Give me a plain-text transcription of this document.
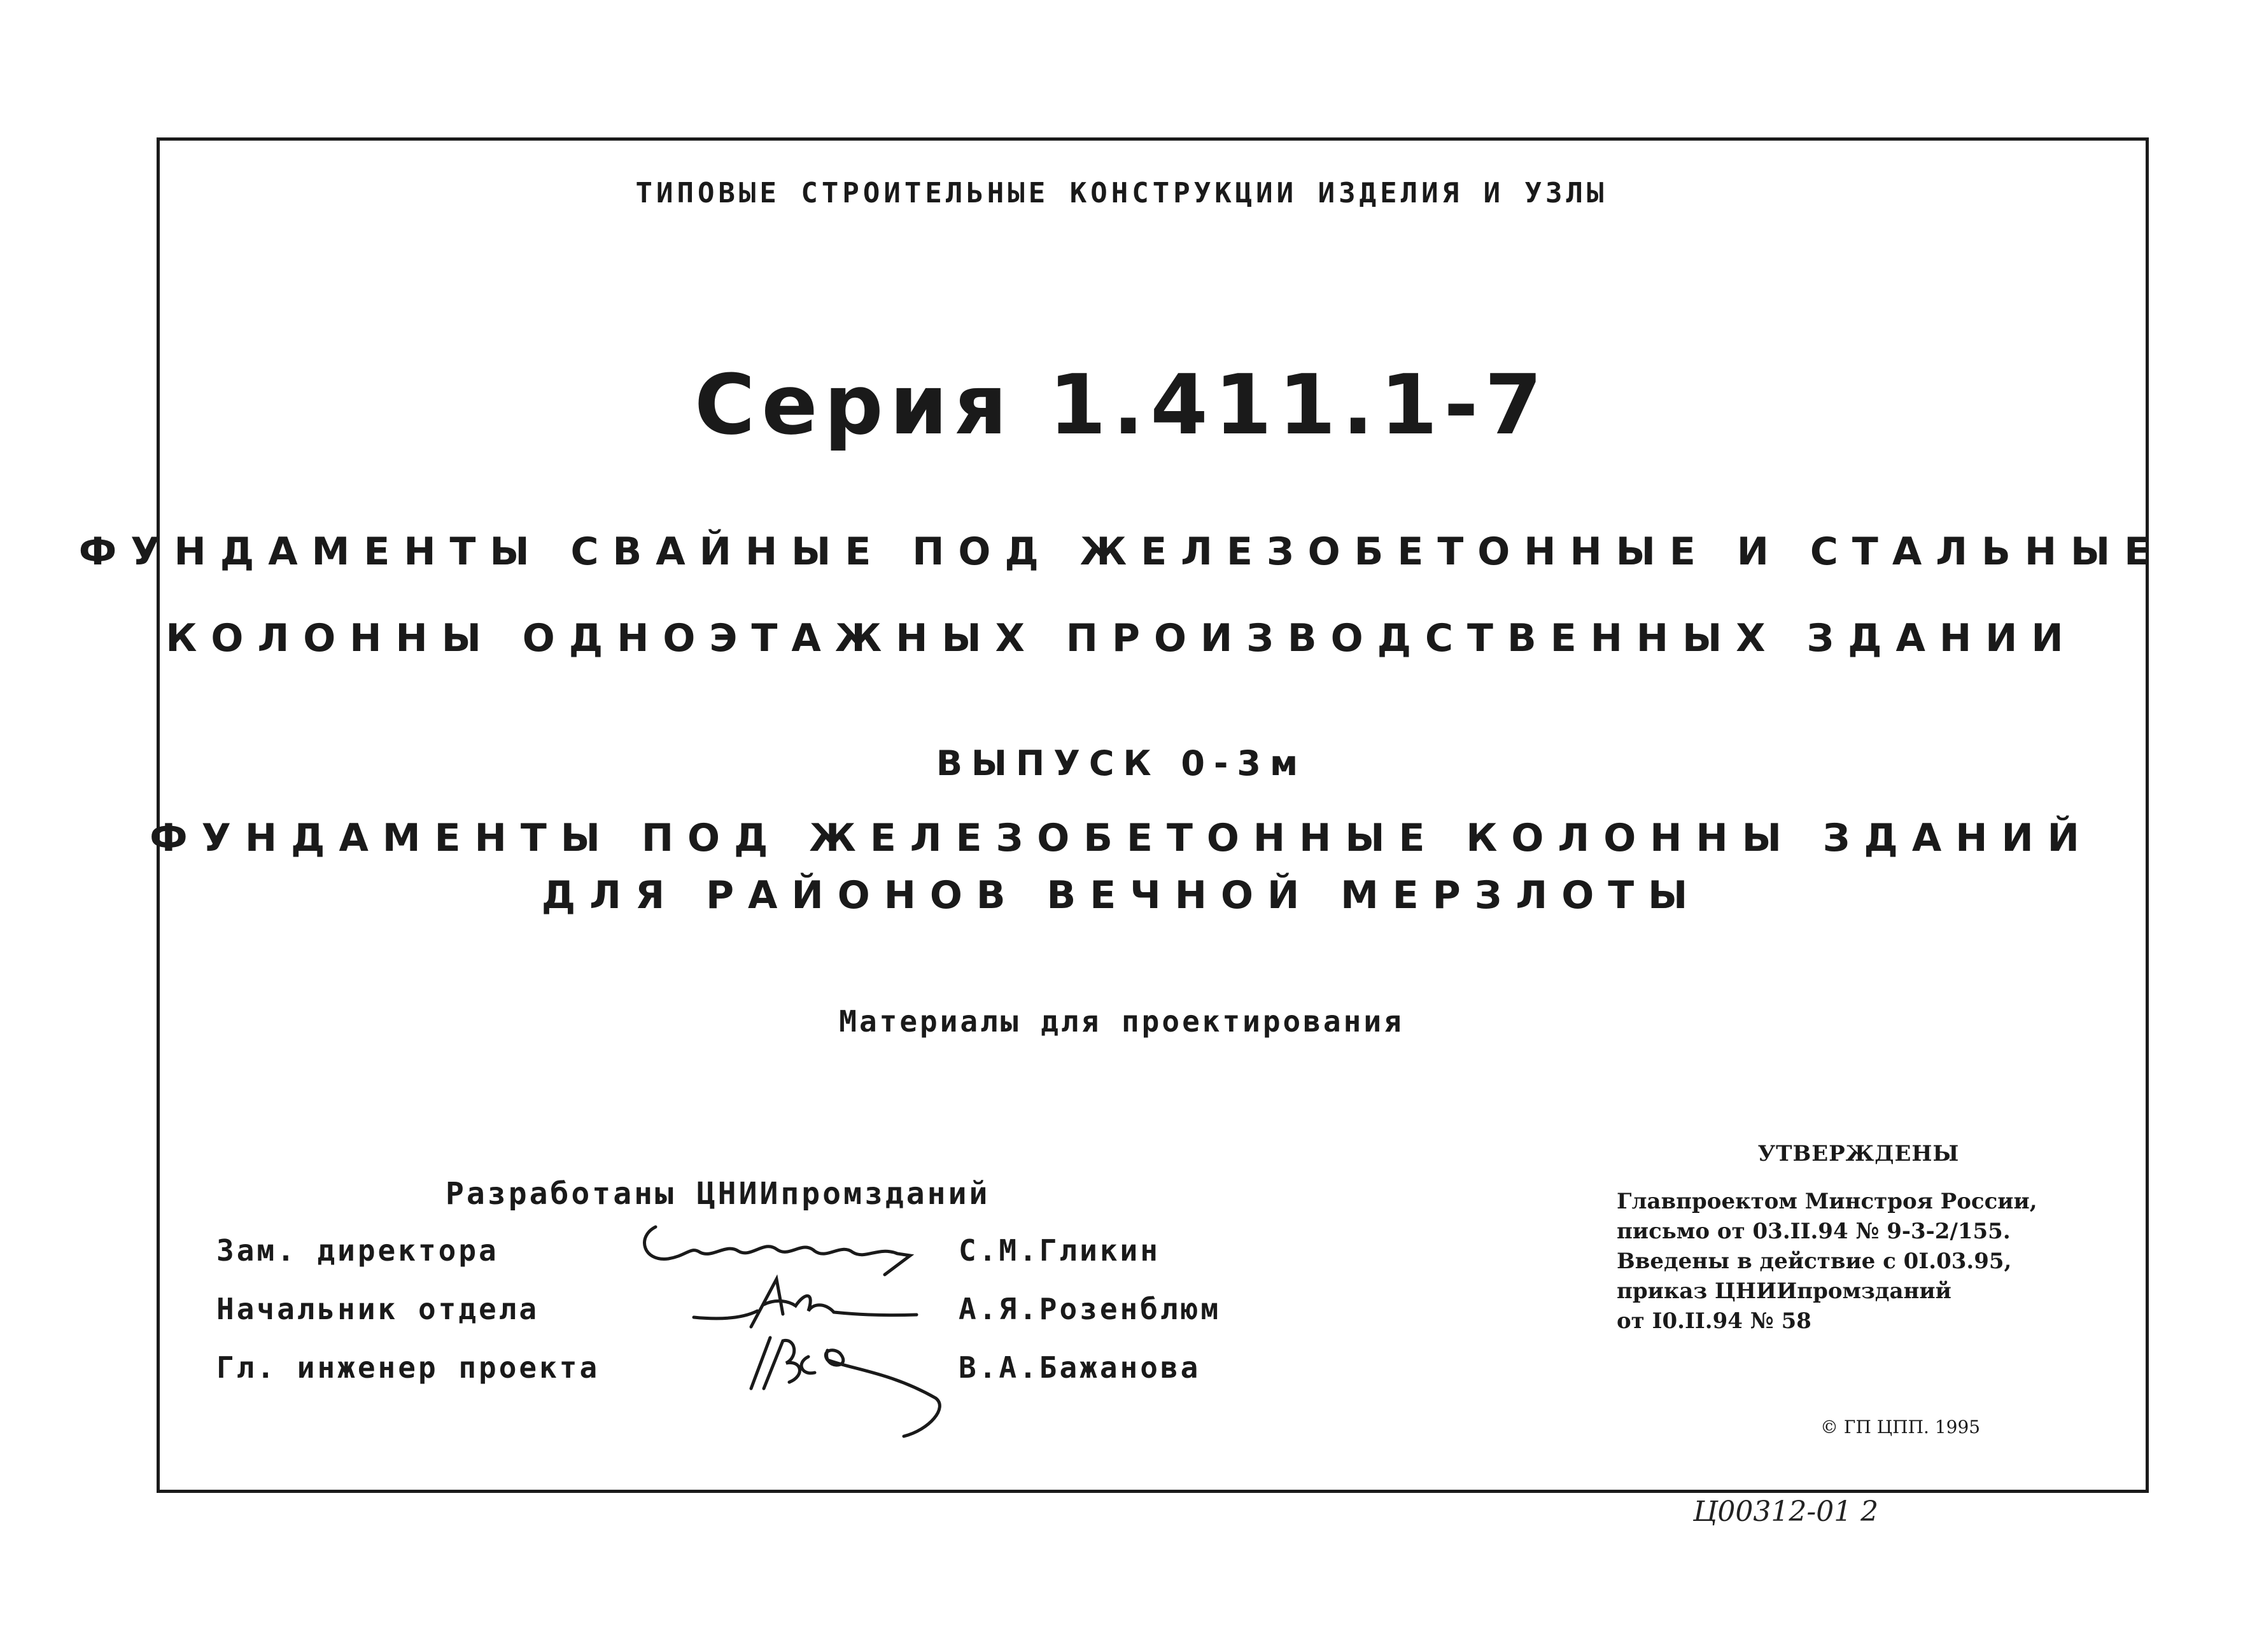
ТИПОВЫЕ СТРОИТЕЛЬНЫЕ КОНСТРУКЦИИ ИЗДЕЛИЯ И УЗЛЫ
Серия 1.411.1-7
ФУНДАМЕНТЫ СВАЙНЫЕ ПОД ЖЕЛЕЗОБЕТОННЫЕ И СТАЛЬНЫЕ
КОЛОННЫ ОДНОЭТАЖНЫХ ПРОИЗВОДСТВЕННЫХ ЗДАНИИ
ВЫПУСК 0-3м
ФУНДАМЕНТЫ ПОД ЖЕЛЕЗОБЕТОННЫЕ КОЛОННЫ ЗДАНИЙ
ДЛЯ РАЙОНОВ ВЕЧНОЙ МЕРЗЛОТЫ
Материалы для проектирования
Разработаны ЦНИИпромзданий
Зам. директора	С.М.Гликин
Начальник отдела	А.Я.Розенблюм
Гл. инженер проекта	В.А.Бажанова
УТВЕРЖДЕНЫ
Главпроектом Минстроя России,
письмо от 03.II.94 № 9-3-2/155.
Введены в действие с 0I.03.95,
приказ ЦНИИпромзданий
от I0.II.94 № 58
© ГП ЦПП. 1995
Ц00312-01 2
